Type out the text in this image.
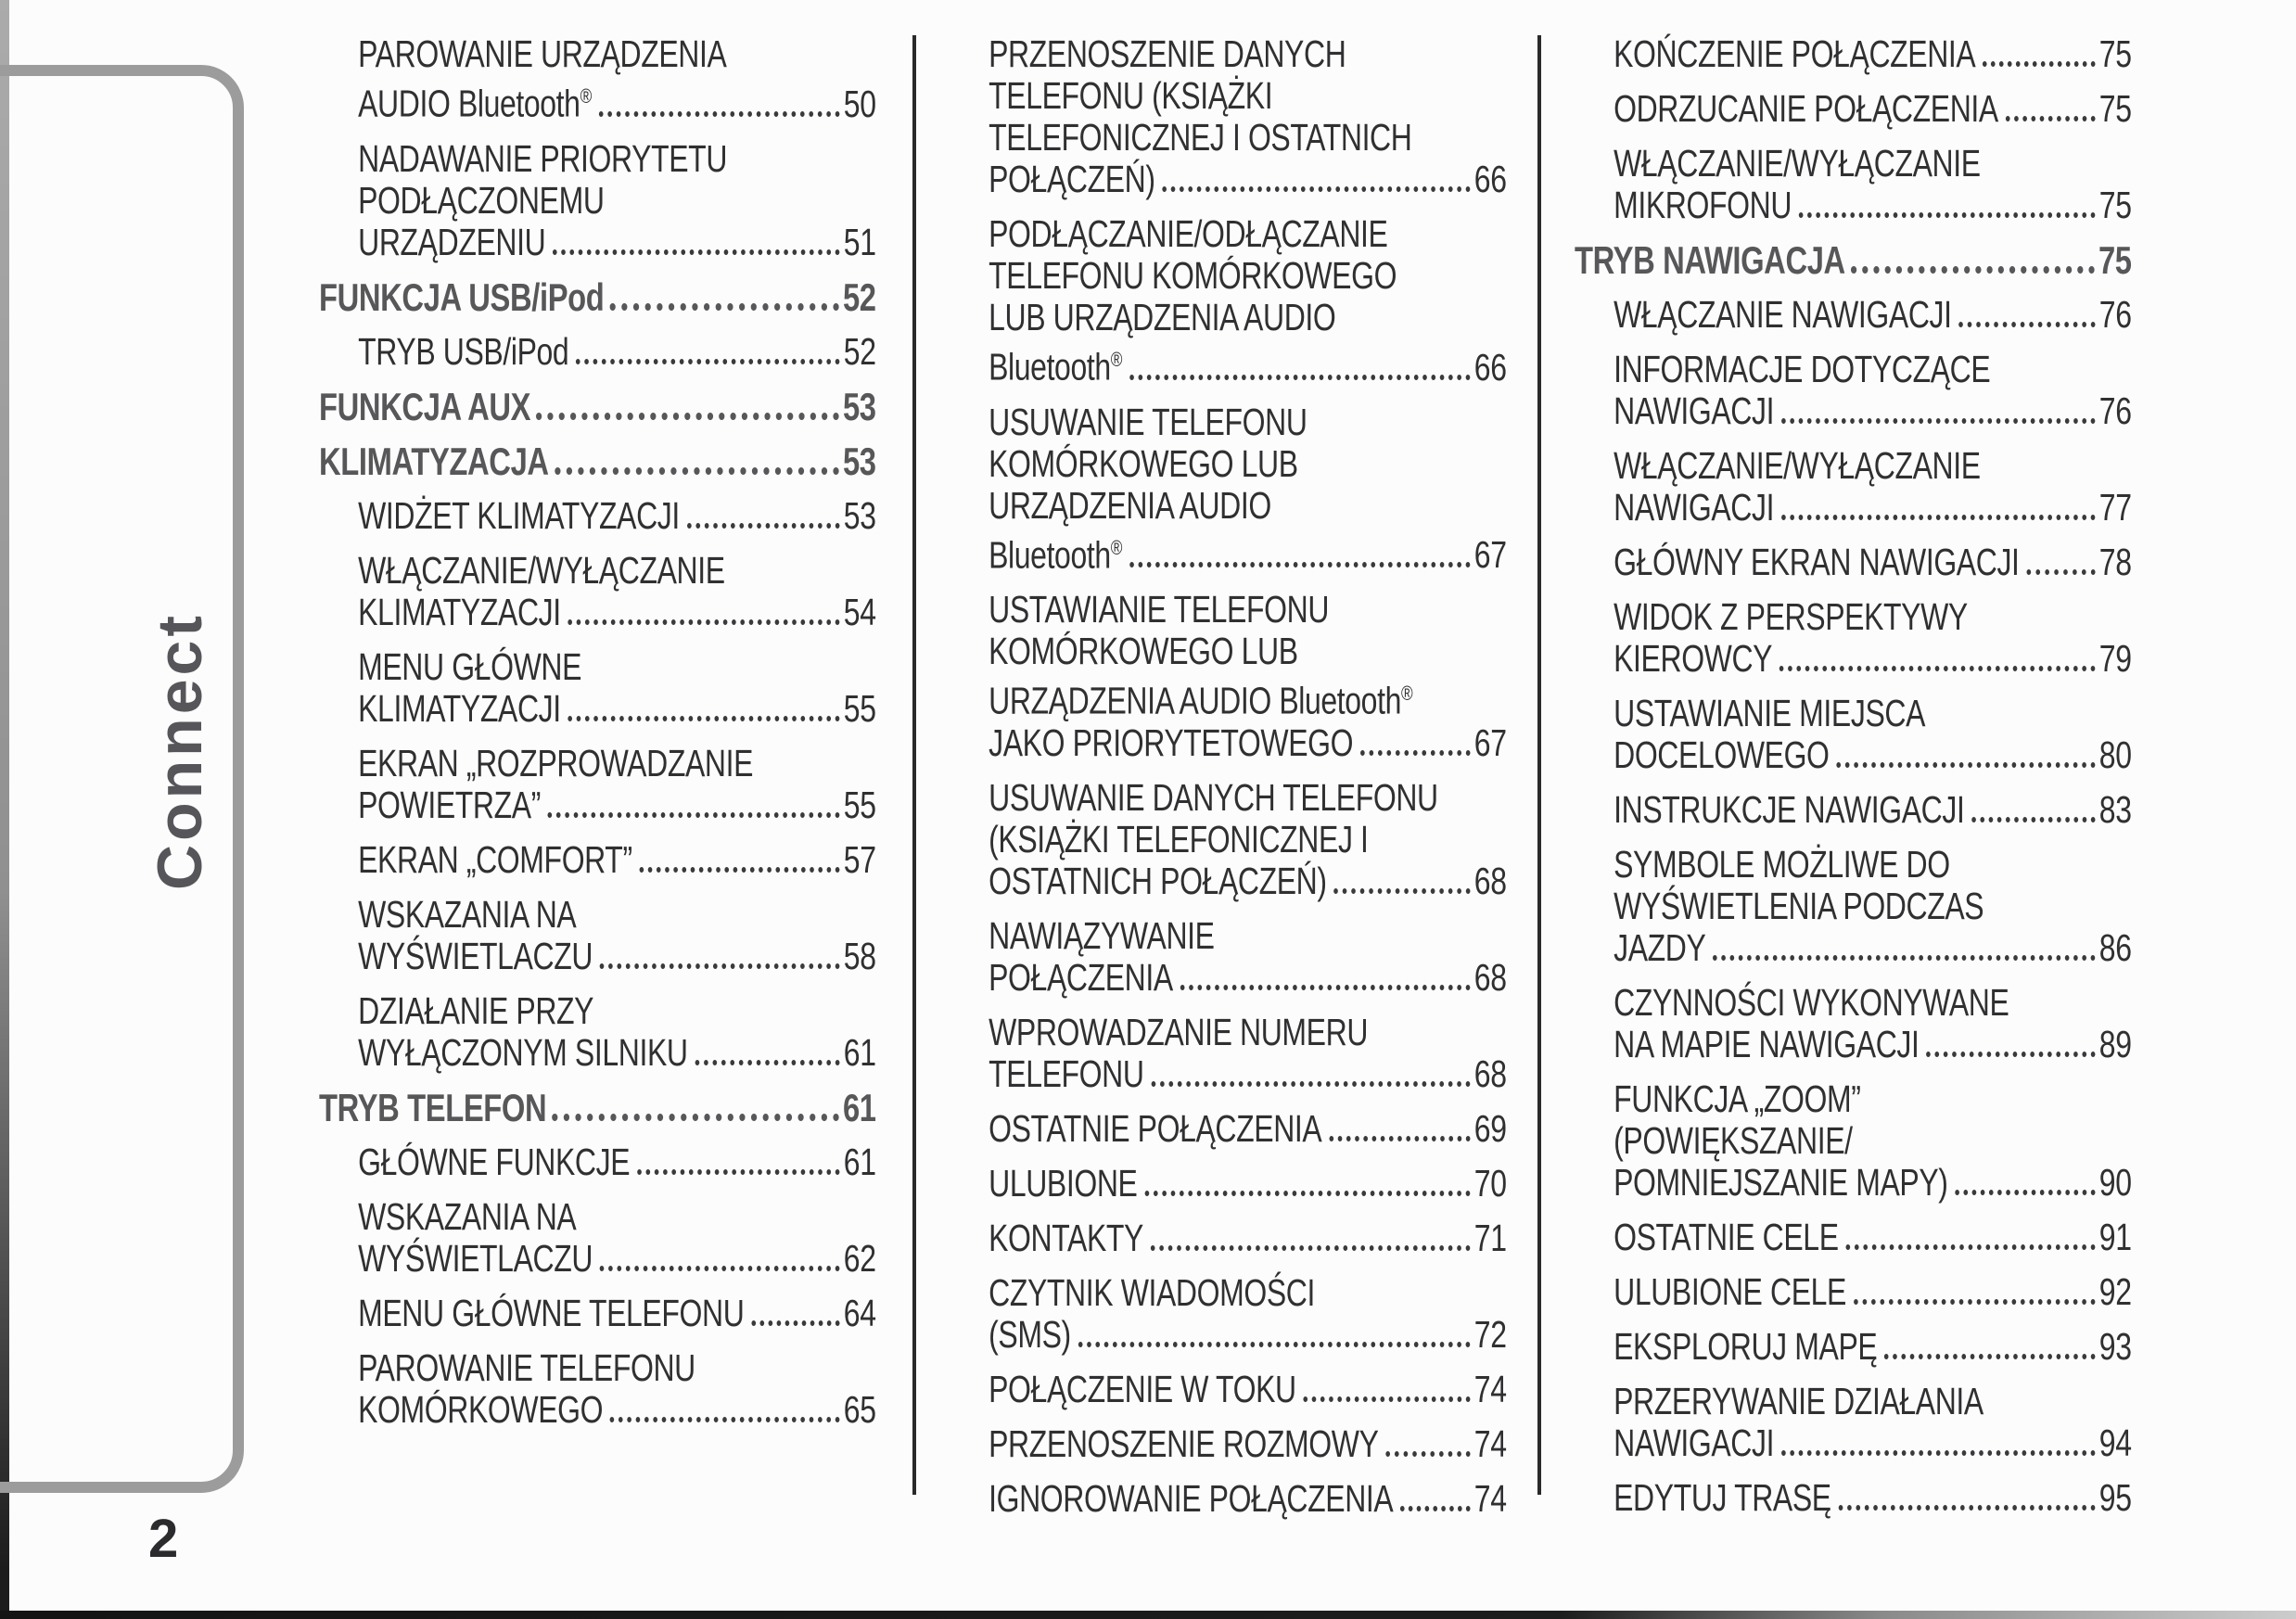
Connect
2
PAROWANIE URZĄDZENIA
AUDIO Bluetooth®	50
NADAWANIE PRIORYTETU
PODŁĄCZONEMU
URZĄDZENIU	51
FUNKCJA USB/iPod	52
TRYB USB/iPod	52
FUNKCJA AUX	53
KLIMATYZACJA	53
WIDŻET KLIMATYZACJI	53
WŁĄCZANIE/WYŁĄCZANIE
KLIMATYZACJI	54
MENU GŁÓWNE
KLIMATYZACJI	55
EKRAN „ROZPROWADZANIE
POWIETRZA”	55
EKRAN „COMFORT”	57
WSKAZANIA NA
WYŚWIETLACZU	58
DZIAŁANIE PRZY
WYŁĄCZONYM SILNIKU	61
TRYB TELEFON	61
GŁÓWNE FUNKCJE	61
WSKAZANIA NA
WYŚWIETLACZU	62
MENU GŁÓWNE TELEFONU	64
PAROWANIE TELEFONU
KOMÓRKOWEGO	65
PRZENOSZENIE DANYCH
TELEFONU (KSIĄŻKI
TELEFONICZNEJ I OSTATNICH
POŁĄCZEŃ)	66
PODŁĄCZANIE/ODŁĄCZANIE
TELEFONU KOMÓRKOWEGO
LUB URZĄDZENIA AUDIO
Bluetooth®	66
USUWANIE TELEFONU
KOMÓRKOWEGO LUB
URZĄDZENIA AUDIO
Bluetooth®	67
USTAWIANIE TELEFONU
KOMÓRKOWEGO LUB
URZĄDZENIA AUDIO Bluetooth®
JAKO PRIORYTETOWEGO	67
USUWANIE DANYCH TELEFONU
(KSIĄŻKI TELEFONICZNEJ I
OSTATNICH POŁĄCZEŃ)	68
NAWIĄZYWANIE
POŁĄCZENIA	68
WPROWADZANIE NUMERU
TELEFONU	68
OSTATNIE POŁĄCZENIA	69
ULUBIONE	70
KONTAKTY	71
CZYTNIK WIADOMOŚCI
(SMS)	72
POŁĄCZENIE W TOKU	74
PRZENOSZENIE ROZMOWY	74
IGNOROWANIE POŁĄCZENIA 74
KOŃCZENIE POŁĄCZENIA	75
ODRZUCANIE POŁĄCZENIA	75
WŁĄCZANIE/WYŁĄCZANIE
MIKROFONU	75
TRYB NAWIGACJA	75
WŁĄCZANIE NAWIGACJI	76
INFORMACJE DOTYCZĄCE
NAWIGACJI	76
WŁĄCZANIE/WYŁĄCZANIE
NAWIGACJI	77
GŁÓWNY EKRAN NAWIGACJI 78
WIDOK Z PERSPEKTYWY
KIEROWCY	79
USTAWIANIE MIEJSCA
DOCELOWEGO	80
INSTRUKCJE NAWIGACJI	83
SYMBOLE MOŻLIWE DO
WYŚWIETLENIA PODCZAS
JAZDY	86
CZYNNOŚCI WYKONYWANE
NA MAPIE NAWIGACJI	89
FUNKCJA „ZOOM”
(POWIĘKSZANIE/
POMNIEJSZANIE MAPY)	90
OSTATNIE CELE	91
ULUBIONE CELE	92
EKSPLORUJ MAPĘ	93
PRZERYWANIE DZIAŁANIA
NAWIGACJI	94
EDYTUJ TRASĘ	95
